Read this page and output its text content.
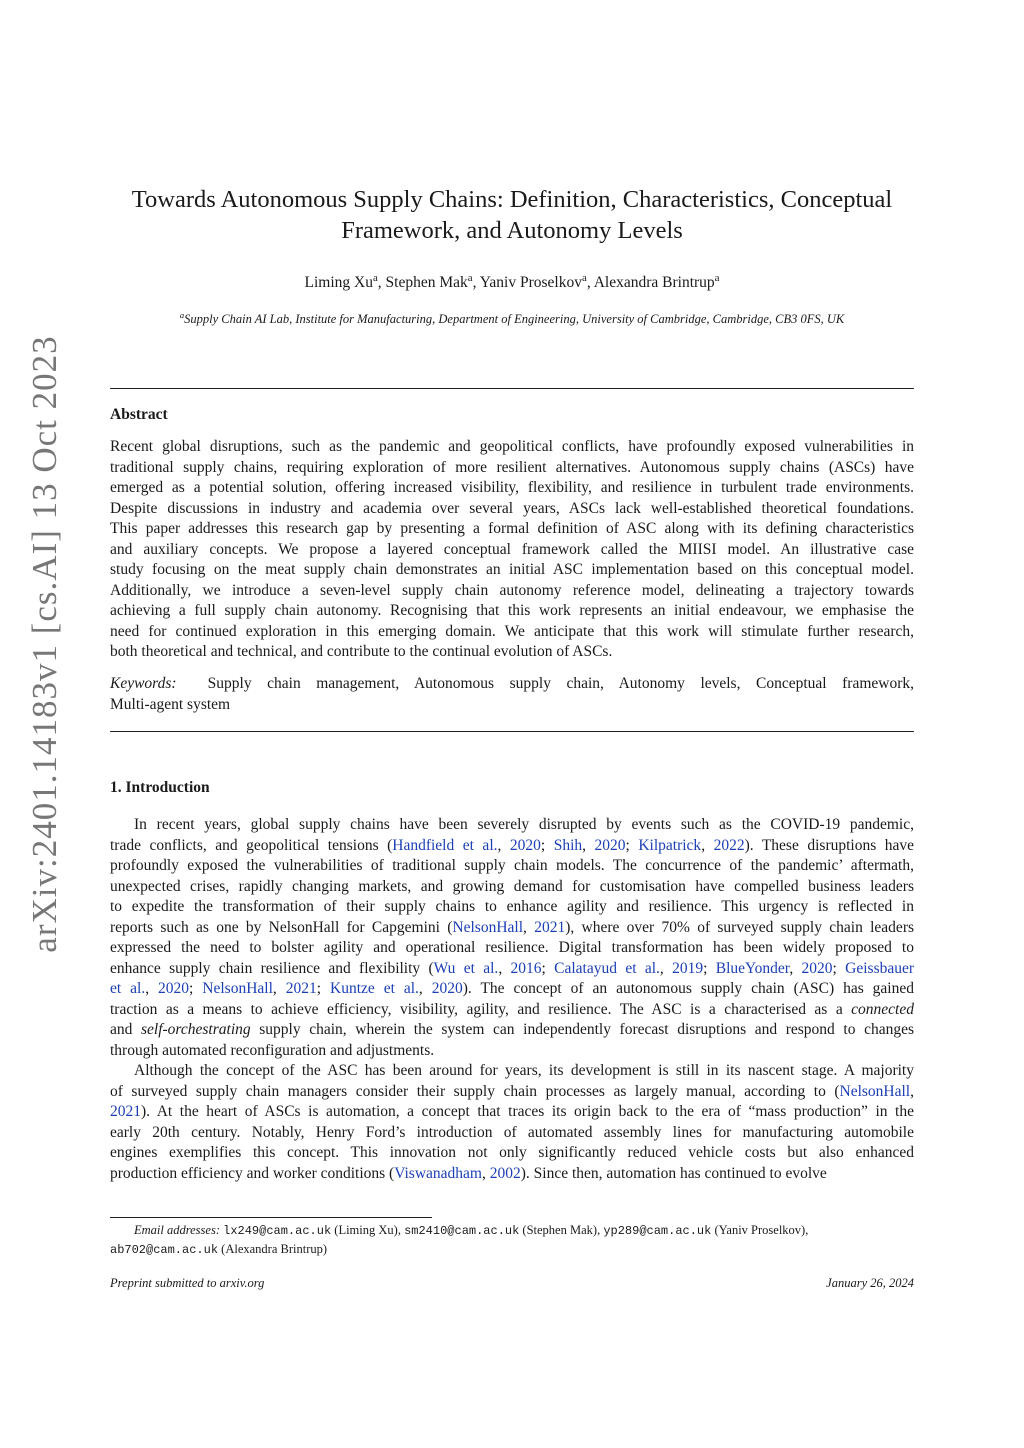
arXiv:2401.14183v1 [cs.AI] 13 Oct 2023
Towards Autonomous Supply Chains: Definition, Characteristics, Conceptual
Framework, and Autonomy Levels
Liming Xu$^a$, Stephen Mak$^a$, Yaniv Proselkov$^a$, Alexandra Brintrup$^a$
$^a$Supply Chain AI Lab, Institute for Manufacturing, Department of Engineering, University of Cambridge, Cambridge, CB3 0FS, UK
Abstract
Recent global disruptions, such as the pandemic and geopolitical conflicts, have profoundly exposed vulnerabilities in
traditional supply chains, requiring exploration of more resilient alternatives. Autonomous supply chains (ASCs) have
emerged as a potential solution, offering increased visibility, flexibility, and resilience in turbulent trade environments.
Despite discussions in industry and academia over several years, ASCs lack well-established theoretical foundations.
This paper addresses this research gap by presenting a formal definition of ASC along with its defining characteristics
and auxiliary concepts. We propose a layered conceptual framework called the MIISI model. An illustrative case
study focusing on the meat supply chain demonstrates an initial ASC implementation based on this conceptual model.
Additionally, we introduce a seven-level supply chain autonomy reference model, delineating a trajectory towards
achieving a full supply chain autonomy. Recognising that this work represents an initial endeavour, we emphasise the
need for continued exploration in this emerging domain. We anticipate that this work will stimulate further research,
both theoretical and technical, and contribute to the continual evolution of ASCs.
Keywords: Supply chain management, Autonomous supply chain, Autonomy levels, Conceptual framework,
Multi-agent system
1. Introduction
In recent years, global supply chains have been severely disrupted by events such as the COVID-19 pandemic,
trade conflicts, and geopolitical tensions (Handfield et al., 2020; Shih, 2020; Kilpatrick, 2022). These disruptions have
profoundly exposed the vulnerabilities of traditional supply chain models. The concurrence of the pandemic’ aftermath,
unexpected crises, rapidly changing markets, and growing demand for customisation have compelled business leaders
to expedite the transformation of their supply chains to enhance agility and resilience. This urgency is reflected in
reports such as one by NelsonHall for Capgemini (NelsonHall, 2021), where over 70% of surveyed supply chain leaders
expressed the need to bolster agility and operational resilience. Digital transformation has been widely proposed to
enhance supply chain resilience and flexibility (Wu et al., 2016; Calatayud et al., 2019; BlueYonder, 2020; Geissbauer
et al., 2020; NelsonHall, 2021; Kuntze et al., 2020). The concept of an autonomous supply chain (ASC) has gained
traction as a means to achieve efficiency, visibility, agility, and resilience. The ASC is a characterised as a connected
and self-orchestrating supply chain, wherein the system can independently forecast disruptions and respond to changes
through automated reconfiguration and adjustments.
Although the concept of the ASC has been around for years, its development is still in its nascent stage. A majority
of surveyed supply chain managers consider their supply chain processes as largely manual, according to (NelsonHall,
2021). At the heart of ASCs is automation, a concept that traces its origin back to the era of “mass production” in the
early 20th century. Notably, Henry Ford’s introduction of automated assembly lines for manufacturing automobile
engines exemplifies this concept. This innovation not only significantly reduced vehicle costs but also enhanced
production efficiency and worker conditions (Viswanadham, 2002). Since then, automation has continued to evolve
Email addresses: lx249@cam.ac.uk (Liming Xu), sm2410@cam.ac.uk (Stephen Mak), yp289@cam.ac.uk (Yaniv Proselkov),
ab702@cam.ac.uk (Alexandra Brintrup)
Preprint submitted to arxiv.org	January 26, 2024
